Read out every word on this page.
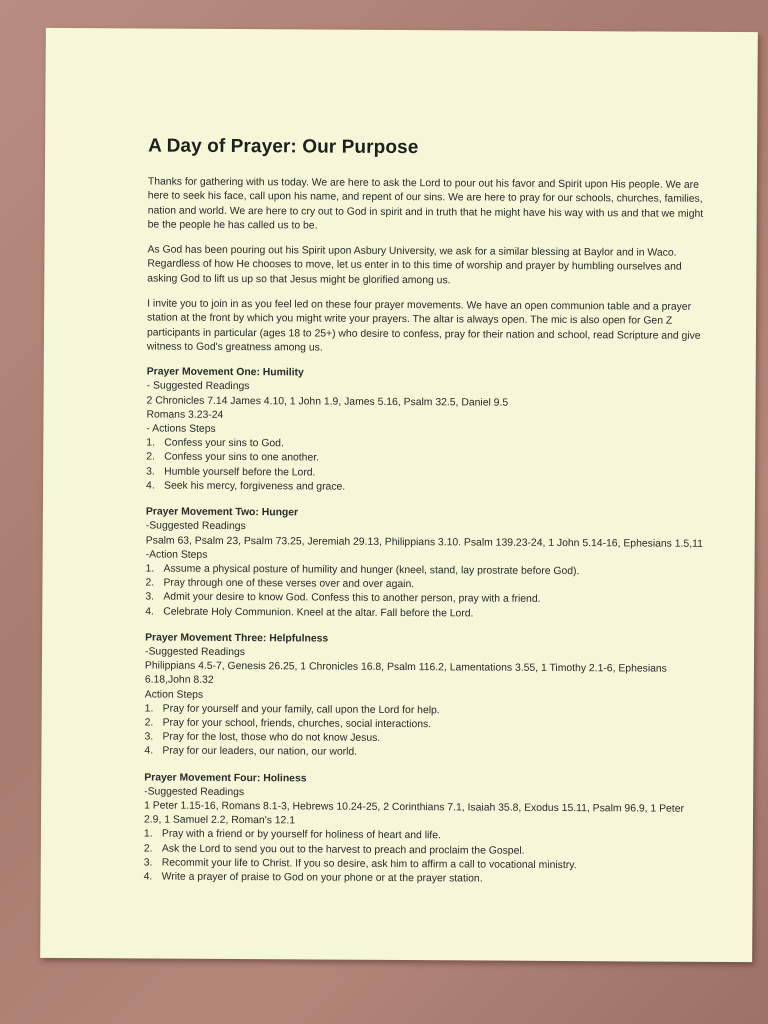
A Day of Prayer: Our Purpose

Thanks for gathering with us today. We are here to ask the Lord to pour out his favor and Spirit upon His people. We are here to seek his face, call upon his name, and repent of our sins. We are here to pray for our schools, churches, families, nation and world. We are here to cry out to God in spirit and in truth that he might have his way with us and that we might be the people he has called us to be.

As God has been pouring out his Spirit upon Asbury University, we ask for a similar blessing at Baylor and in Waco. Regardless of how He chooses to move, let us enter in to this time of worship and prayer by humbling ourselves and asking God to lift us up so that Jesus might be glorified among us.

I invite you to join in as you feel led on these four prayer movements. We have an open communion table and a prayer station at the front by which you might write your prayers. The altar is always open. The mic is also open for Gen Z participants in particular (ages 18 to 25+) who desire to confess, pray for their nation and school, read Scripture and give witness to God's greatness among us.

Prayer Movement One: Humility
- Suggested Readings
2 Chronicles 7.14 James 4.10, 1 John 1.9, James 5.16, Psalm 32.5, Daniel 9.5 Romans 3.23-24
- Actions Steps
1. Confess your sins to God.
2. Confess your sins to one another.
3. Humble yourself before the Lord.
4. Seek his mercy, forgiveness and grace.
Prayer Movement Two: Hunger
-Suggested Readings
Psalm 63, Psalm 23, Psalm 73.25, Jeremiah 29.13, Philippians 3.10. Psalm 139.23-24, 1 John 5.14-16, Ephesians 1.5,11
-Action Steps
1. Assume a physical posture of humility and hunger (kneel, stand, lay prostrate before God).
2. Pray through one of these verses over and over again.
3. Admit your desire to know God. Confess this to another person, pray with a friend.
4. Celebrate Holy Communion. Kneel at the altar. Fall before the Lord.
Prayer Movement Three: Helpfulness
-Suggested Readings
Philippians 4.5-7, Genesis 26.25, 1 Chronicles 16.8, Psalm 116.2, Lamentations 3.55, 1 Timothy 2.1-6, Ephesians 6.18,John 8.32
Action Steps
1. Pray for yourself and your family, call upon the Lord for help.
2. Pray for your school, friends, churches, social interactions.
3. Pray for the lost, those who do not know Jesus.
4. Pray for our leaders, our nation, our world.
Prayer Movement Four: Holiness
-Suggested Readings
1 Peter 1.15-16, Romans 8.1-3, Hebrews 10.24-25, 2 Corinthians 7.1, Isaiah 35.8, Exodus 15.11, Psalm 96.9, 1 Peter 2.9, 1 Samuel 2.2, Roman's 12.1
1. Pray with a friend or by yourself for holiness of heart and life.
2. Ask the Lord to send you out to the harvest to preach and proclaim the Gospel.
3. Recommit your life to Christ. If you so desire, ask him to affirm a call to vocational ministry.
4. Write a prayer of praise to God on your phone or at the prayer station.
